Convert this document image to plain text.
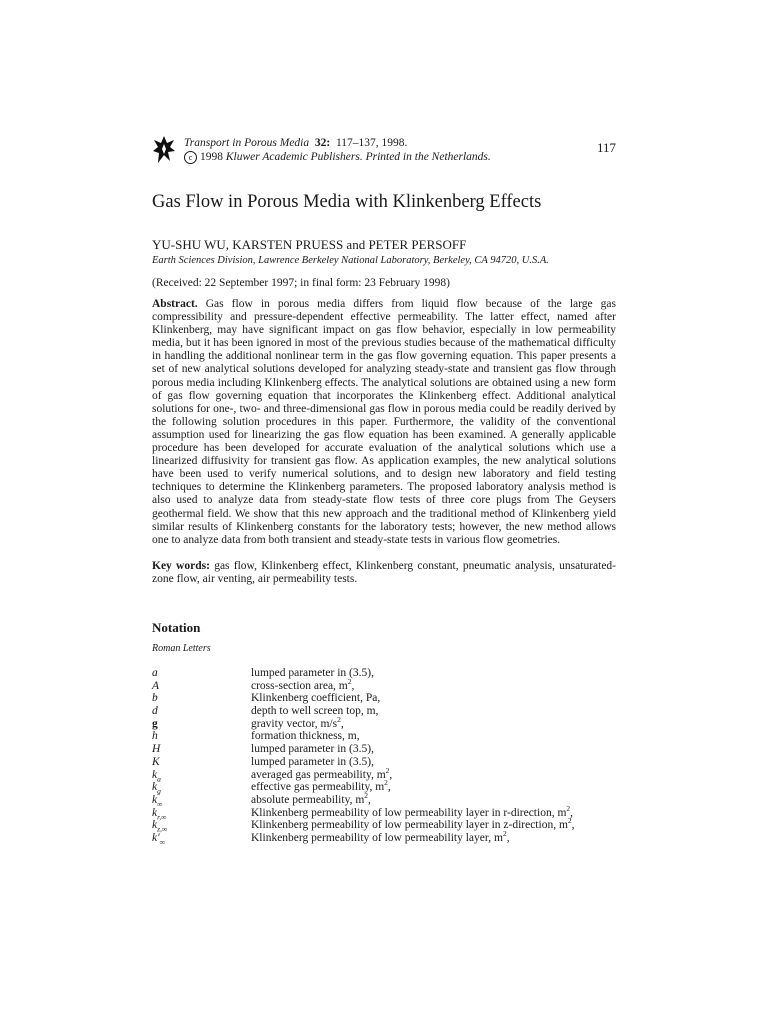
Transport in Porous Media 32: 117–137, 1998.
c 1998 Kluwer Academic Publishers. Printed in the Netherlands.
117
Gas Flow in Porous Media with Klinkenberg Effects
YU-SHU WU, KARSTEN PRUESS and PETER PERSOFF
Earth Sciences Division, Lawrence Berkeley National Laboratory, Berkeley, CA 94720, U.S.A.
(Received: 22 September 1997; in final form: 23 February 1998)
Abstract. Gas flow in porous media differs from liquid flow because of the large gas compressibility and pressure-dependent effective permeability. The latter effect, named after Klinkenberg, may have significant impact on gas flow behavior, especially in low permeability media, but it has been ignored in most of the previous studies because of the mathematical difficulty in handling the additional nonlinear term in the gas flow governing equation. This paper presents a set of new analytical solutions developed for analyzing steady-state and transient gas flow through porous media including Klinkenberg effects. The analytical solutions are obtained using a new form of gas flow governing equation that incorporates the Klinkenberg effect. Additional analytical solutions for one-, two- and three-dimensional gas flow in porous media could be readily derived by the following solution procedures in this paper. Furthermore, the validity of the conventional assumption used for linearizing the gas flow equation has been examined. A generally applicable procedure has been developed for accurate evaluation of the analytical solutions which use a linearized diffusivity for transient gas flow. As application examples, the new analytical solutions have been used to verify numerical solutions, and to design new laboratory and field testing techniques to determine the Klinkenberg parameters. The proposed laboratory analysis method is also used to analyze data from steady-state flow tests of three core plugs from The Geysers geothermal field. We show that this new approach and the traditional method of Klinkenberg yield similar results of Klinkenberg constants for the laboratory tests; however, the new method allows one to analyze data from both transient and steady-state tests in various flow geometries.
Key words: gas flow, Klinkenberg effect, Klinkenberg constant, pneumatic analysis, unsaturated-zone flow, air venting, air permeability tests.
Notation
Roman Letters
a	lumped parameter in (3.5),
A	cross-section area, $m^2$,
b	Klinkenberg coefficient, Pa,
d	depth to well screen top, m,
g	gravity vector, $m/s^2$,
h	formation thickness, m,
H	lumped parameter in (3.5),
K	lumped parameter in (3.5),
$k_a$	averaged gas permeability, $m^2$,
$k_g$	effective gas permeability, $m^2$,
$k_\infty$	absolute permeability, $m^2$,
$k_{r,\infty}$	Klinkenberg permeability of low permeability layer in r-direction, $m^2$,
$k_{z,\infty}$	Klinkenberg permeability of low permeability layer in z-direction, $m^2$,
$k'_\infty$	Klinkenberg permeability of low permeability layer, $m^2$,
